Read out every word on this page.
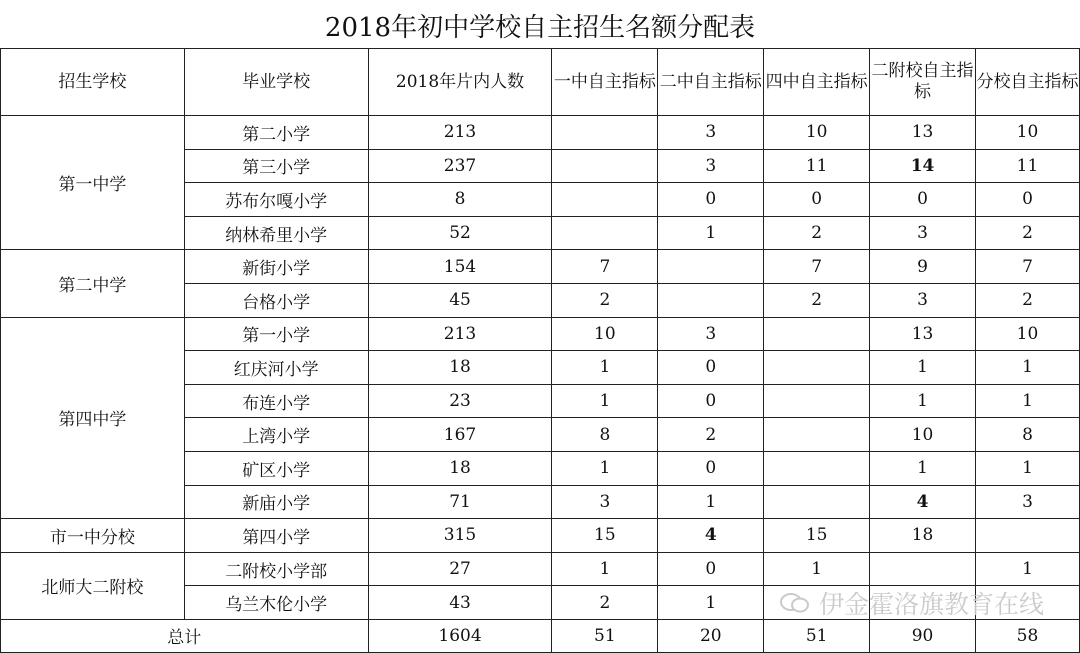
2018年初中学校自主招生名额分配表
招生学校	毕业学校	2018年片内人数	一中自主指标	二中自主指标	四中自主指标	二附校自主指标	分校自主指标
第一中学	第二小学	213		3	10	13	10
	第三小学	237		3	11	14	11
	苏布尔嘎小学	8		0	0	0	0
	纳林希里小学	52		1	2	3	2
第二中学	新街小学	154	7		7	9	7
	台格小学	45	2		2	3	2
第四中学	第一小学	213	10	3		13	10
	红庆河小学	18	1	0		1	1
	布连小学	23	1	0		1	1
	上湾小学	167	8	2		10	8
	矿区小学	18	1	0		1	1
	新庙小学	71	3	1		4	3
市一中分校	第四小学	315	15	4	15	18	
北师大二附校	二附校小学部	27	1	0	1		1
	乌兰木伦小学	43	2	1			
总计		1604	51	20	51	90	58
伊金霍洛旗教育在线
